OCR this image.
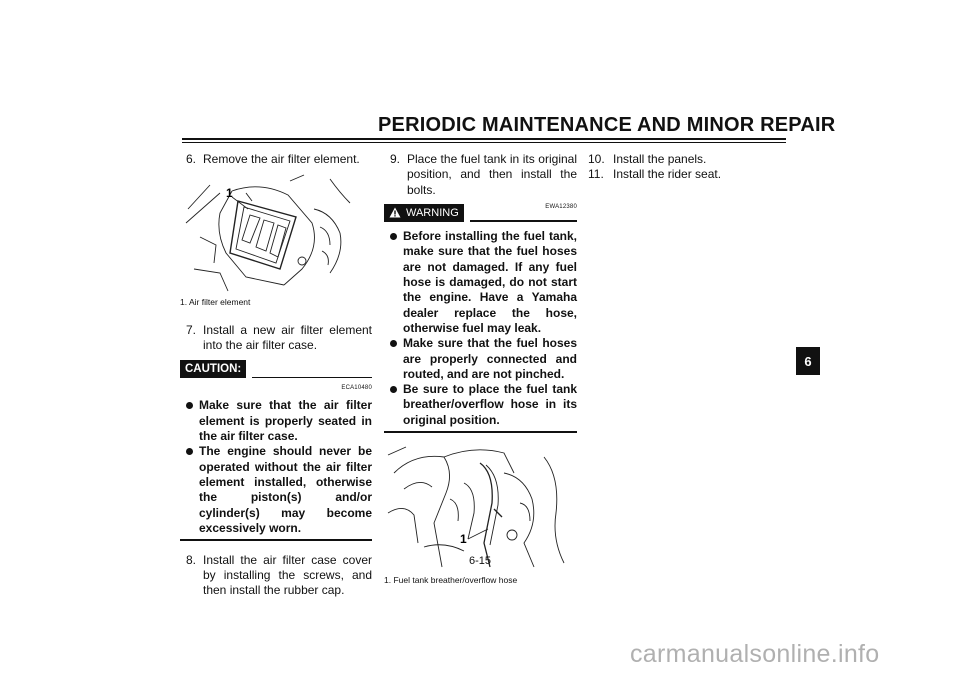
PERIODIC MAINTENANCE AND MINOR REPAIR
6. Remove the air filter element.
1
1. Air filter element
7. Install a new air filter element into the air filter case.
CAUTION:
ECA10480
Make sure that the air filter element is properly seated in the air filter case.
The engine should never be operated without the air filter element installed, otherwise the piston(s) and/or cylinder(s) may become excessively worn.
8. Install the air filter case cover by installing the screws, and then install the rubber cap.
9. Place the fuel tank in its original position, and then install the bolts.
WARNING	EWA12380
Before installing the fuel tank, make sure that the fuel hoses are not damaged. If any fuel hose is damaged, do not start the engine. Have a Yamaha dealer replace the hose, otherwise fuel may leak.
Make sure that the fuel hoses are properly connected and routed, and are not pinched.
Be sure to place the fuel tank breather/overflow hose in its original position.
1
1. Fuel tank breather/overflow hose
10. Install the panels.
11. Install the rider seat.
6-15
6
carmanualsonline.info
